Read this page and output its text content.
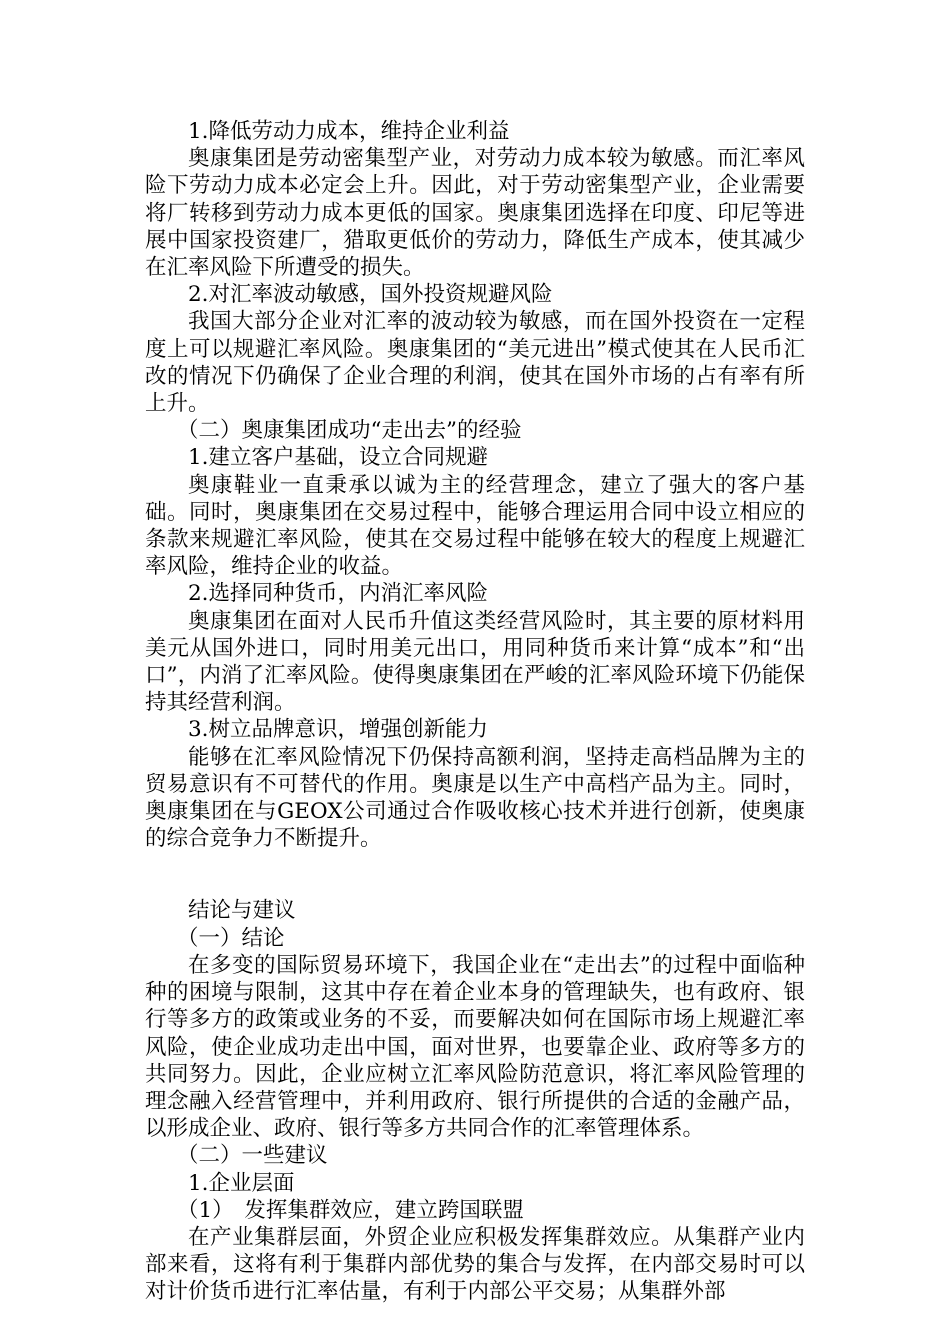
1.降低劳动力成本，维持企业利益

奥康集团是劳动密集型产业，对劳动力成本较为敏感。而汇率风险下劳动力成本必定会上升。因此，对于劳动密集型产业，企业需要将厂转移到劳动力成本更低的国家。奥康集团选择在印度、印尼等进展中国家投资建厂，猎取更低价的劳动力，降低生产成本，使其减少在汇率风险下所遭受的损失。

2.对汇率波动敏感，国外投资规避风险

我国大部分企业对汇率的波动较为敏感，而在国外投资在一定程度上可以规避汇率风险。奥康集团的“美元进出”模式使其在人民币汇改的情况下仍确保了企业合理的利润，使其在国外市场的占有率有所上升。

（二）奥康集团成功“走出去”的经验

1.建立客户基础，设立合同规避

奥康鞋业一直秉承以诚为主的经营理念，建立了强大的客户基础。同时，奥康集团在交易过程中，能够合理运用合同中设立相应的条款来规避汇率风险，使其在交易过程中能够在较大的程度上规避汇率风险，维持企业的收益。

2.选择同种货币，内消汇率风险

奥康集团在面对人民币升值这类经营风险时，其主要的原材料用美元从国外进口，同时用美元出口，用同种货币来计算“成本”和“出口”，内消了汇率风险。使得奥康集团在严峻的汇率风险环境下仍能保持其经营利润。

3.树立品牌意识，增强创新能力

能够在汇率风险情况下仍保持高额利润，坚持走高档品牌为主的贸易意识有不可替代的作用。奥康是以生产中高档产品为主。同时，奥康集团在与GEOX公司通过合作吸收核心技术并进行创新，使奥康的综合竞争力不断提升。

结论与建议

（一）结论

在多变的国际贸易环境下，我国企业在“走出去”的过程中面临种种的困境与限制，这其中存在着企业本身的管理缺失，也有政府、银行等多方的政策或业务的不妥，而要解决如何在国际市场上规避汇率风险，使企业成功走出中国，面对世界，也要靠企业、政府等多方的共同努力。因此，企业应树立汇率风险防范意识，将汇率风险管理的理念融入经营管理中，并利用政府、银行所提供的合适的金融产品，以形成企业、政府、银行等多方共同合作的汇率管理体系。

（二）一些建议

1.企业层面

（1）　发挥集群效应，建立跨国联盟

在产业集群层面，外贸企业应积极发挥集群效应。从集群产业内部来看，这将有利于集群内部优势的集合与发挥，在内部交易时可以对计价货币进行汇率估量，有利于内部公平交易；从集群外部
